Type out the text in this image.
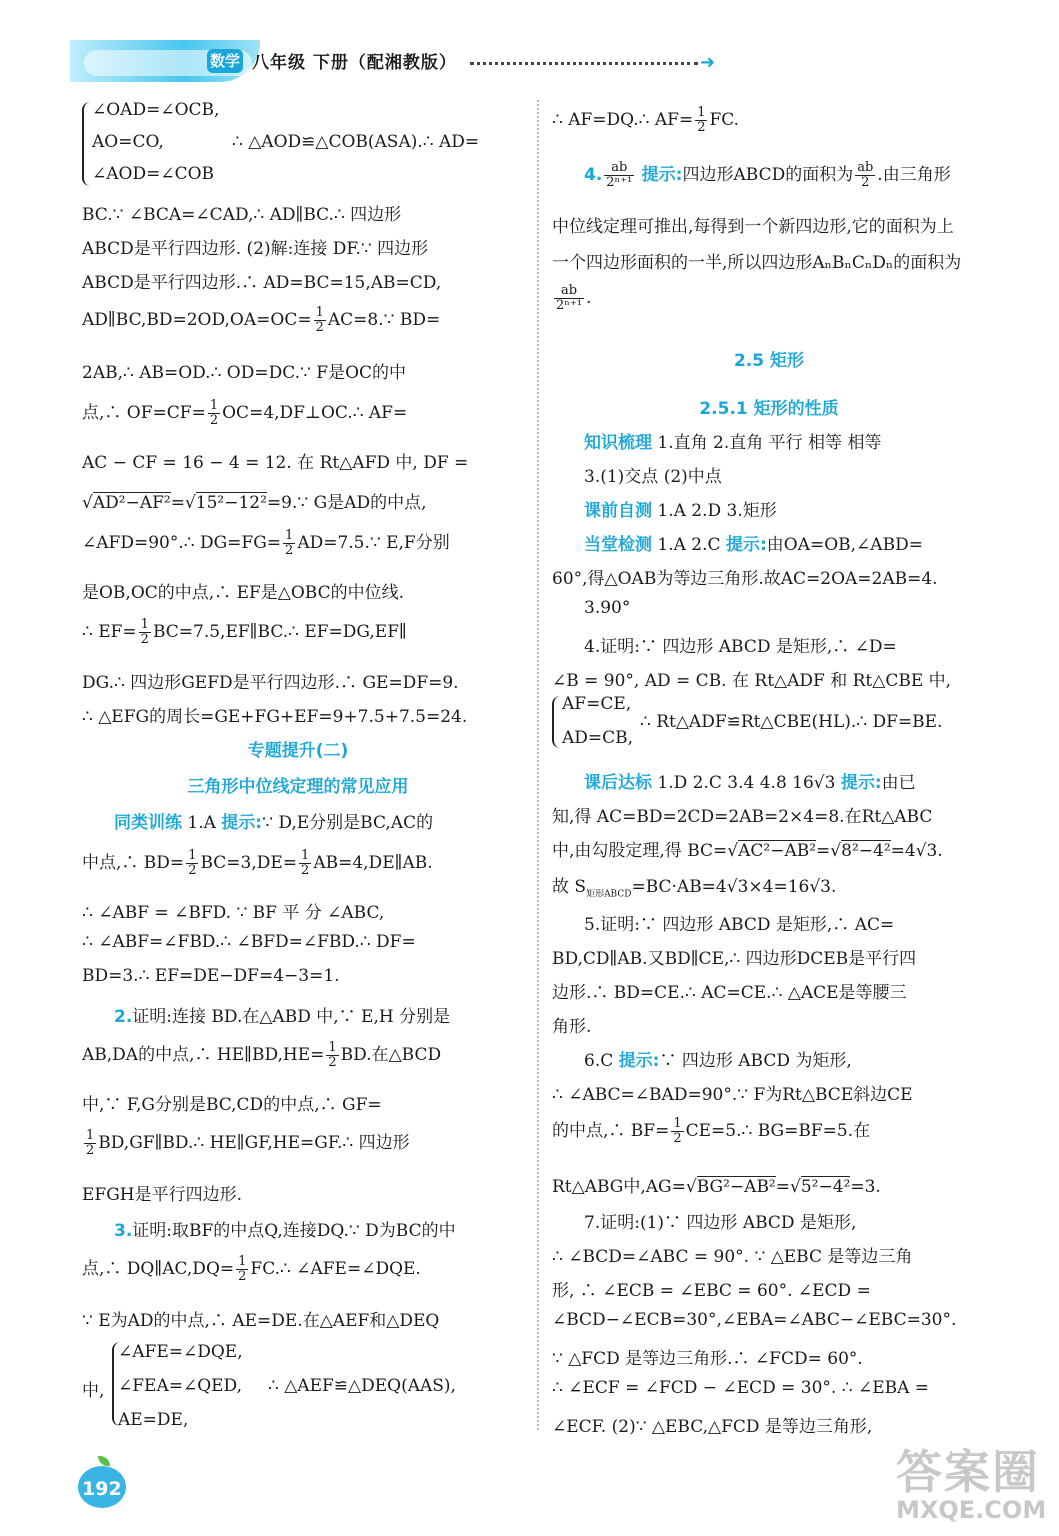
数学 八年级 下册（配湘教版）	➜
∠OAD=∠OCB,
AO=CO,
∠AOD=∠COB
∴ △AOD≌△COB(ASA).∴ AD=
BC.∵ ∠BCA=∠CAD,∴ AD∥BC.∴ 四边形
ABCD是平行四边形. (2)解:连接 DF.∵ 四边形
ABCD是平行四边形.∴ AD=BC=15,AB=CD,
AD∥BC,BD=2OD,OA=OC= $\frac{1}{2}$ AC=8.∵ BD=
2AB,∴ AB=OD.∴ OD=DC.∵ F是OC的中
点,∴ $OF=CF= \frac{1}{2}$ OC=4,DF⊥OC.∴ AF=
AC − CF = 16 − 4 = 12. 在 Rt△AFD 中, DF =
√AD²−AF²=√15²−12²=9.∵ G是AD的中点,
∠AFD=90°.∴ $DG=FG= \frac{1}{2}$ AD=7.5.∵ E,F分别
是OB,OC的中点,∴ EF是△OBC的中位线.
∴ $EF= \frac{1}{2}$ BC=7.5,EF∥BC.∴ EF=DG,EF∥
DG.∴ 四边形GEFD是平行四边形.∴ GE=DF=9.
∴ △EFG的周长=GE+FG+EF=9+7.5+7.5=24.
专题提升(二)
三角形中位线定理的常见应用
同类训练 1.A 提示:∵ D,E分别是BC,AC的
中点,∴ $BD= \frac{1}{2} BC=3,DE= \frac{1}{2}$ AB=4,DE∥AB.
∴ ∠ABF = ∠BFD. ∵ BF 平 分 ∠ABC,
∴ ∠ABF=∠FBD.∴ ∠BFD=∠FBD.∴ DF=
BD=3.∴ EF=DE−DF=4−3=1.
2.证明:连接 BD.在△ABD 中,∵ E,H 分别是
AB,DA的中点,∴ HE∥BD,HE= $\frac{1}{2}$ BD.在△BCD
中,∵ F,G分别是BC,CD的中点,∴ GF=
$\frac{1}{2}$ BD,GF∥BD.∴ HE∥GF,HE=GF.∴ 四边形
EFGH是平行四边形.
3.证明:取BF的中点Q,连接DQ.∵ D为BC的中
点,∴ DQ∥AC,DQ= $\frac{1}{2}$ FC.∴ ∠AFE=∠DQE.
∵ E为AD的中点,∴ AE=DE.在△AEF和△DEQ
中,
∠AFE=∠DQE,
∠FEA=∠QED,
AE=DE,
∴ △AEF≌△DEQ(AAS),
∴ AF=DQ.∴ $AF= \frac{1}{2}$ FC.
4. $\frac{ab}{\text{2ⁿ⁺¹}}$ 提示:四边形ABCD的面积为 $\frac{ab}{2}$ .由三角形
中位线定理可推出,每得到一个新四边形,它的面积为上
一个四边形面积的一半,所以四边形AₙBₙCₙDₙ的面积为
$\frac{ab}{\text{2ⁿ⁺¹}}$ .
2.5 矩形
2.5.1 矩形的性质
知识梳理 1.直角 2.直角 平行 相等 相等
3.(1)交点 (2)中点
课前自测 1.A 2.D 3.矩形
当堂检测 1.A 2.C 提示:由OA=OB,∠ABD=
60°,得△OAB为等边三角形.故AC=2OA=2AB=4.
3.90°
4.证明:∵ 四边形 ABCD 是矩形,∴ ∠D=
∠B = 90°, AD = CB. 在 Rt△ADF 和 Rt△CBE 中,
AF=CE,
AD=CB,
∴ Rt△ADF≌Rt△CBE(HL).∴ DF=BE.
课后达标 1.D 2.C 3.4 4.8 16√3 提示:由已
知,得 AC=BD=2CD=2AB=2×4=8.在Rt△ABC
中,由勾股定理,得 BC=√AC²−AB²=√8²−4²=4√3.
故 $S_{矩形ABCD}=BC\cdot AB=4√3\times 4=16√3$.
5.证明:∵ 四边形 ABCD 是矩形,∴ AC=
BD,CD∥AB.又BD∥CE,∴ 四边形DCEB是平行四
边形.∴ BD=CE.∴ AC=CE.∴ △ACE是等腰三
角形.
6.C 提示:∵ 四边形 ABCD 为矩形,
∴ ∠ABC=∠BAD=90°.∵ F为Rt△BCE斜边CE
的中点,∴ $BF= \frac{1}{2}$ CE=5.∴ BG=BF=5.在
Rt△ABG中,AG=√BG²−AB²=√5²−4²=3.
7.证明:(1)∵ 四边形 ABCD 是矩形,
∴ ∠BCD=∠ABC = 90°. ∵ △EBC 是等边三角
形, ∴ ∠ECB = ∠EBC = 60°. ∠ECD =
∠BCD−∠ECB=30°,∠EBA=∠ABC−∠EBC=30°.
∵ △FCD 是等边三角形.∴ ∠FCD= 60°.
∴ ∠ECF = ∠FCD − ∠ECD = 30°. ∴ ∠EBA =
∠ECF. (2)∵ △EBC,△FCD 是等边三角形,
192	答案圈
MXQE.COM
